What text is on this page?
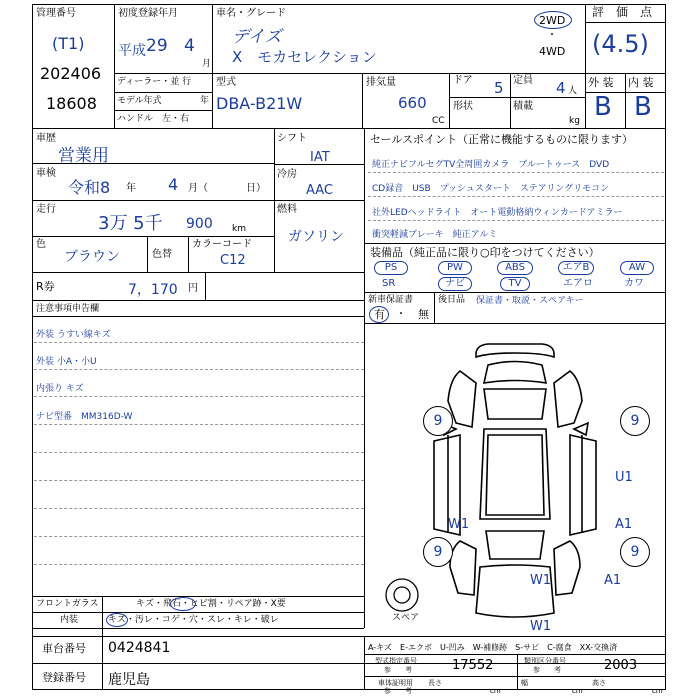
管理番号
(T1)
202406
18608
初度登録年月
平成 29 4
月
車名・グレード
デイズ
X　モカセレクション
2WD
・
4WD
評　価　点
(4.5)
ディーラー・並 行
モデル年式	年
ハンドル　左・右
型式
DBA-B21W
排気量
660
CC
ドア 5
形状
定員 4 人
積載
kg
外 装 内 装
B B
車歴
営業用
車検
令和8 年 4 月（	日）
走行
3万 5千 900 km
色
ブラウン	色替
カラーコード
C12
R券	7，170 円
シフト
IAT
冷房
AAC
燃料
ガソリン
セールスポイント（正常に機能するものに限ります）
純正ナビフルセグTV全周囲カメラ　ブルートゥース　DVD
CD録音　USB　プッシュスタート　ステアリングリモコン
社外LEDヘッドライト　オート電動格納ウィンカードアミラー
衝突軽減ブレーキ　純正アルミ
装備品（純正品に限り○印をつけてください）
PS	PW	ABS	エアB	AW
SR	ナビ	TV	エアロ	カワ
新車保証書
有 ・ 無
後日品 保証書・取説・スペアキー
注意事項申告欄
外装 うすい線キズ
外装 小A・小U
内張り キズ
ナビ型番　MM316D-W
フロントガラス	キズ・飛石・ヒビ割・リペア跡・X要
内装	キズ・汚レ・コゲ・穴・スレ・キレ・破レ
車台番号 0424841
登録番号 鹿児島
A-キズ　E-エクボ　U-凹み　W-補修跡　S-サビ　C-腐食　XX-交換済
型式指定番号
参　　考	17552	類別区分番号
参　　考	2003
車体証明用
参　　考
長さ
cm
幅
cm
高さ
cm
9	9
U1
W1	A1
9	9
W1	A1
W1
スペア
